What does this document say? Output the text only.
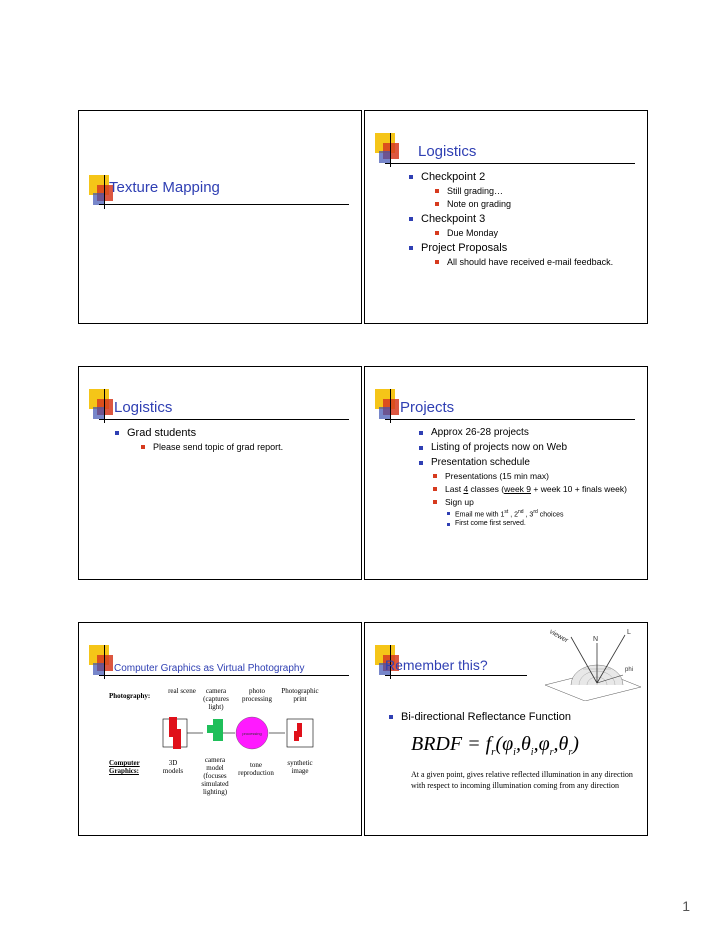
Texture Mapping
Logistics
Checkpoint 2
Still grading…
Note on grading
Checkpoint 3
Due Monday
Project Proposals
All should have received e-mail feedback.
Logistics
Grad students
Please send topic of grad report.
Projects
Approx 26-28 projects
Listing of projects now on Web
Presentation schedule
Presentations (15 min max)
Last 4 classes (week 9 + week 10 + finals week)
Sign up
Email me with 1st , 2nd , 3rd choices
First come first served.
Computer Graphics as Virtual Photography
Photography:
real scene	camera (captures light)
photo processing
Photographic print
processing
Computer Graphics:
3D models
camera model (focuses simulated lighting)
tone reproduction
synthetic image
Remember this?
viewer	N
L
phi
Bi-directional Reflectance Function
BRDF = $f_r(\varphi_i,\theta_i,\varphi_r,\theta_r)$
At a given point, gives relative reflected illumination in any direction with respect to incoming illumination coming from any direction
1
